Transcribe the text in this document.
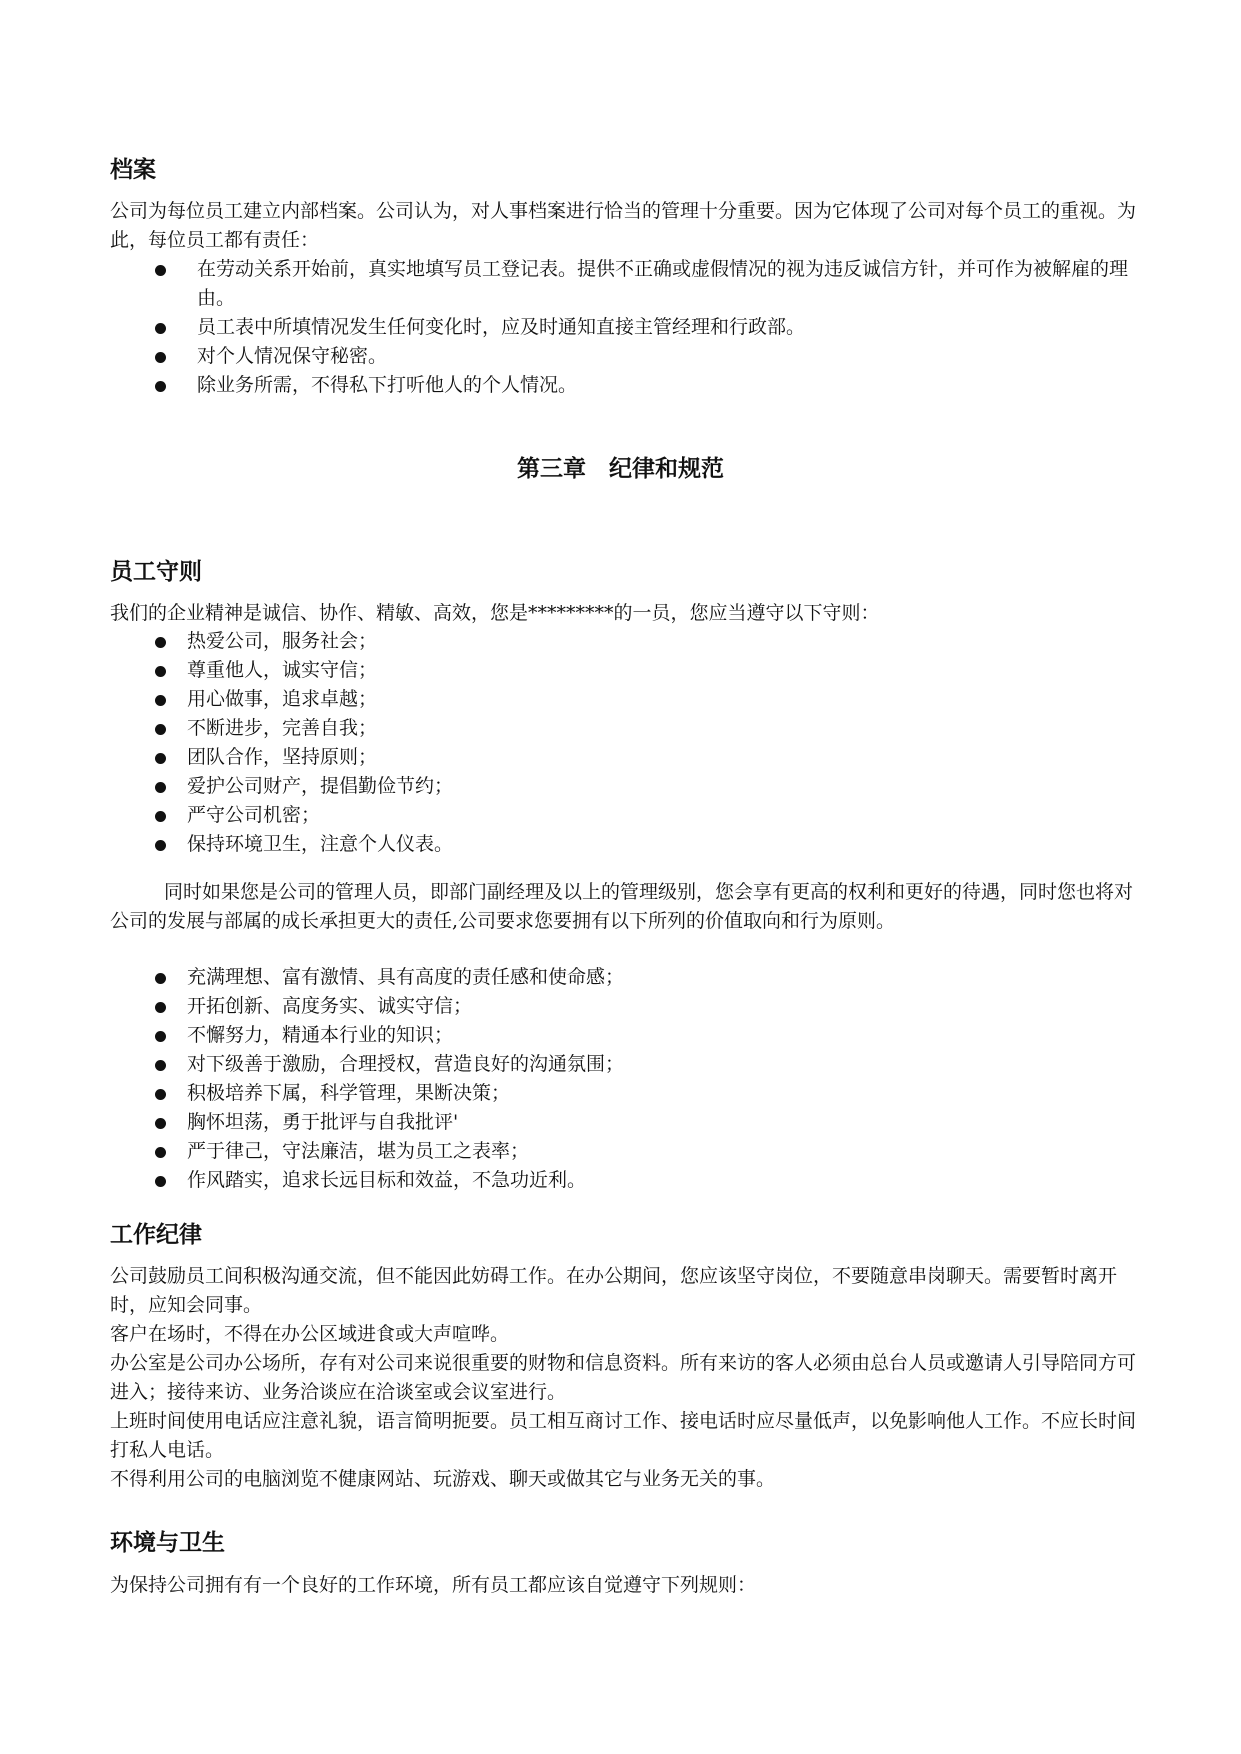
档案

公司为每位员工建立内部档案。公司认为，对人事档案进行恰当的管理十分重要。因为它体现了公司对每个员工的重视。为此，每位员工都有责任：

在劳动关系开始前，真实地填写员工登记表。提供不正确或虚假情况的视为违反诚信方针，并可作为被解雇的理由。
员工表中所填情况发生任何变化时，应及时通知直接主管经理和行政部。
对个人情况保守秘密。
除业务所需，不得私下打听他人的个人情况。
第三章　纪律和规范
员工守则

我们的企业精神是诚信、协作、精敏、高效，您是*********的一员，您应当遵守以下守则：

热爱公司，服务社会；
尊重他人，诚实守信；
用心做事，追求卓越；
不断进步，完善自我；
团队合作，坚持原则；
爱护公司财产，提倡勤俭节约；
严守公司机密；
保持环境卫生，注意个人仪表。

同时如果您是公司的管理人员，即部门副经理及以上的管理级别，您会享有更高的权利和更好的待遇，同时您也将对公司的发展与部属的成长承担更大的责任,公司要求您要拥有以下所列的价值取向和行为原则。

充满理想、富有激情、具有高度的责任感和使命感；
开拓创新、高度务实、诚实守信；
不懈努力，精通本行业的知识；
对下级善于激励，合理授权，营造良好的沟通氛围；
积极培养下属，科学管理，果断决策；
胸怀坦荡，勇于批评与自我批评'
严于律己，守法廉洁，堪为员工之表率；
作风踏实，追求长远目标和效益，不急功近利。
工作纪律

公司鼓励员工间积极沟通交流，但不能因此妨碍工作。在办公期间，您应该坚守岗位，不要随意串岗聊天。需要暂时离开时，应知会同事。

客户在场时，不得在办公区域进食或大声喧哗。

办公室是公司办公场所，存有对公司来说很重要的财物和信息资料。所有来访的客人必须由总台人员或邀请人引导陪同方可进入；接待来访、业务洽谈应在洽谈室或会议室进行。

上班时间使用电话应注意礼貌，语言简明扼要。员工相互商讨工作、接电话时应尽量低声，以免影响他人工作。不应长时间打私人电话。

不得利用公司的电脑浏览不健康网站、玩游戏、聊天或做其它与业务无关的事。

环境与卫生

为保持公司拥有有一个良好的工作环境，所有员工都应该自觉遵守下列规则：
